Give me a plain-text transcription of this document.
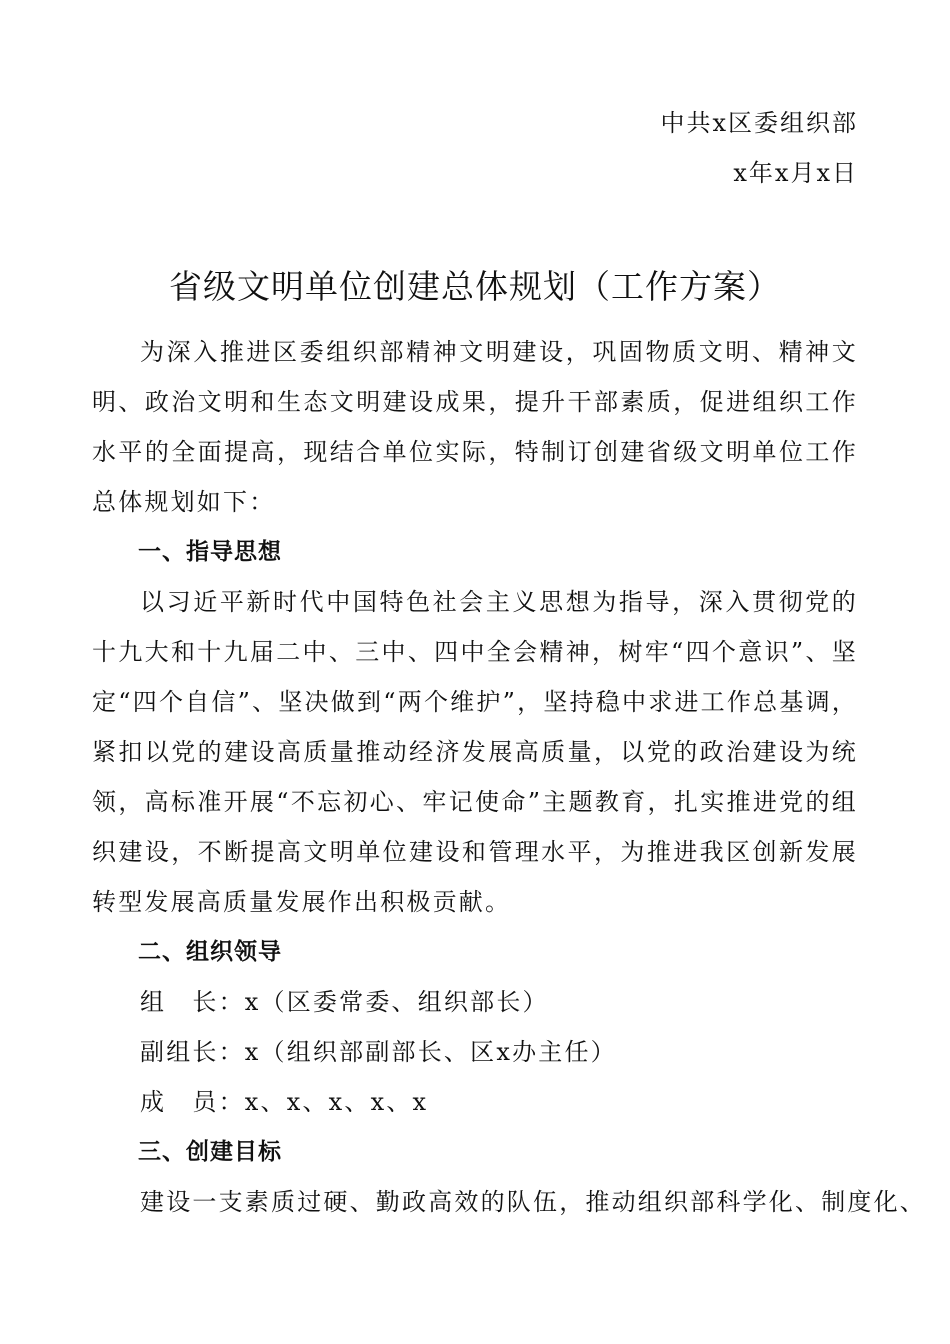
中共x区委组织部
x年x月x日
省级文明单位创建总体规划（工作方案）

为深入推进区委组织部精神文明建设，巩固物质文明、精神文明、政治文明和生态文明建设成果，提升干部素质，促进组织工作水平的全面提高，现结合单位实际，特制订创建省级文明单位工作总体规划如下：

一、指导思想

以习近平新时代中国特色社会主义思想为指导，深入贯彻党的十九大和十九届二中、三中、四中全会精神，树牢“四个意识”、坚定“四个自信”、坚决做到“两个维护”，坚持稳中求进工作总基调，紧扣以党的建设高质量推动经济发展高质量，以党的政治建设为统领，高标准开展“不忘初心、牢记使命”主题教育，扎实推进党的组织建设，不断提高文明单位建设和管理水平，为推进我区创新发展转型发展高质量发展作出积极贡献。

二、组织领导

组　长：x（区委常委、组织部长）

副组长：x（组织部副部长、区x办主任）

成　员：x、x、x、x、x

三、创建目标

建设一支素质过硬、勤政高效的队伍，推动组织部科学化、制度化、
